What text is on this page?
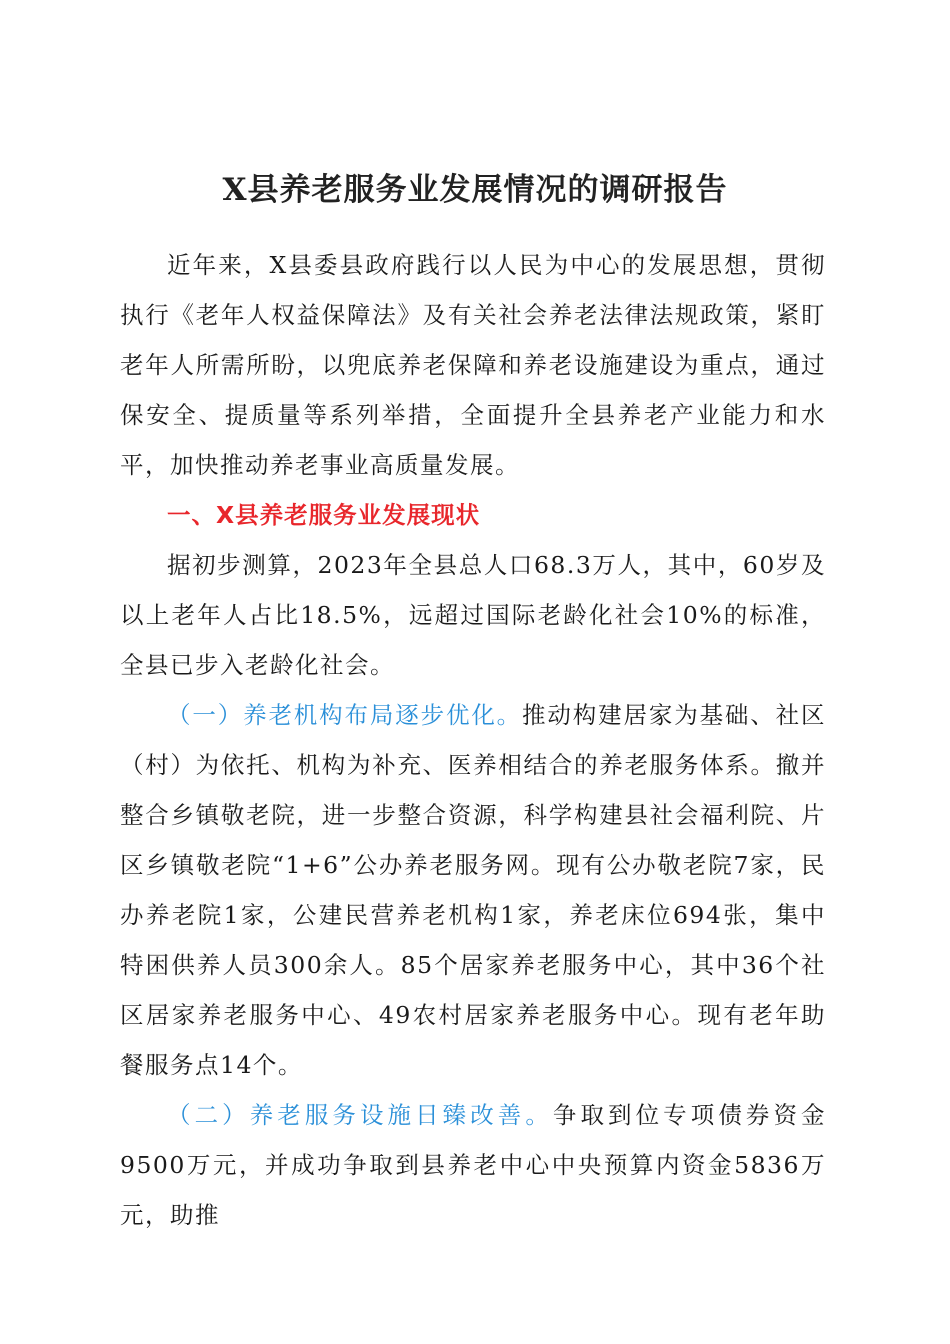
X县养老服务业发展情况的调研报告

近年来，X县委县政府践行以人民为中心的发展思想，贯彻执行《老年人权益保障法》及有关社会养老法律法规政策，紧盯老年人所需所盼，以兜底养老保障和养老设施建设为重点，通过保安全、提质量等系列举措，全面提升全县养老产业能力和水平，加快推动养老事业高质量发展。

一、X县养老服务业发展现状

据初步测算，2023年全县总人口68.3万人，其中，60岁及以上老年人占比18.5%，远超过国际老龄化社会10%的标准，全县已步入老龄化社会。

（一）养老机构布局逐步优化。推动构建居家为基础、社区（村）为依托、机构为补充、医养相结合的养老服务体系。撤并整合乡镇敬老院，进一步整合资源，科学构建县社会福利院、片区乡镇敬老院“1+6”公办养老服务网。现有公办敬老院7家，民办养老院1家，公建民营养老机构1家，养老床位694张，集中特困供养人员300余人。85个居家养老服务中心，其中36个社区居家养老服务中心、49农村居家养老服务中心。现有老年助餐服务点14个。

（二）养老服务设施日臻改善。争取到位专项债券资金9500万元，并成功争取到县养老中心中央预算内资金5836万元，助推
